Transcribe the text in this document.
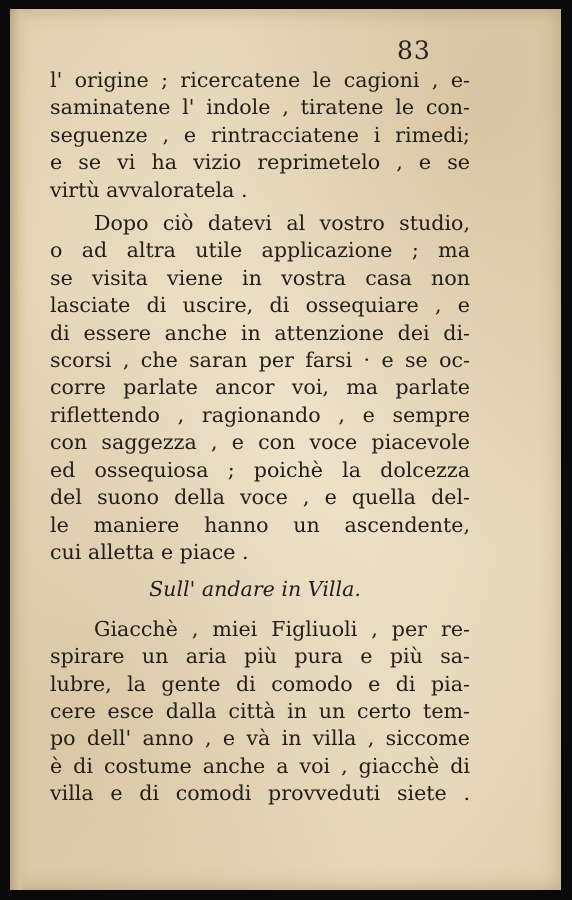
83
l' origine ; ricercatene le cagioni , e-
saminatene l' indole , tiratene le con-
seguenze , e rintracciatene i rimedi;
e se vi ha vizio reprimetelo , e se
virtù avvaloratela .
Dopo ciò datevi al vostro studio,
o ad altra utile applicazione ; ma
se visita viene in vostra casa non
lasciate di uscire, di ossequiare , e
di essere anche in attenzione dei di-
scorsi , che saran per farsi · e se oc-
corre parlate ancor voi, ma parlate
riflettendo , ragionando , e sempre
con saggezza , e con voce piacevole
ed ossequiosa ; poichè la dolcezza
del suono della voce , e quella del-
le maniere hanno un ascendente,
cui alletta e piace .
Sull' andare in Villa.
Giacchè , miei Figliuoli , per re-
spirare un aria più pura e più sa-
lubre, la gente di comodo e di pia-
cere esce dalla città in un certo tem-
po dell' anno , e và in villa , siccome
è di costume anche a voi , giacchè di
villa e di comodi provveduti siete .
